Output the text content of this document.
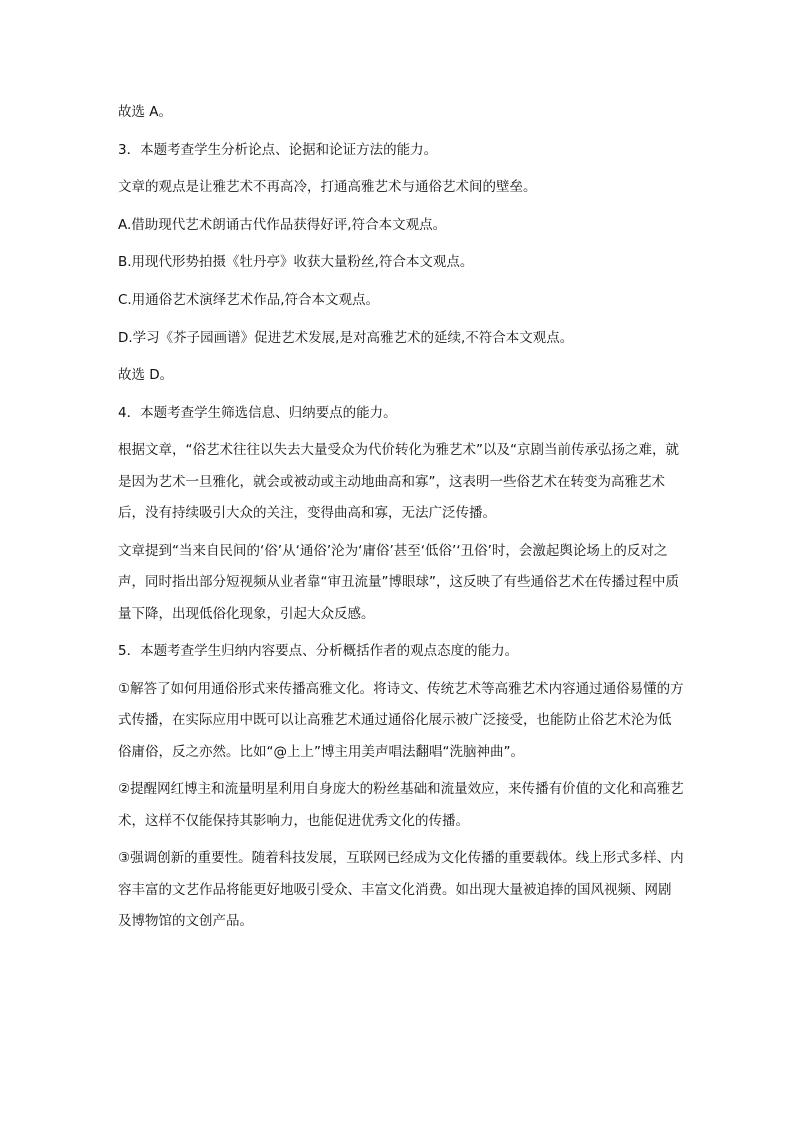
故选 A。

3．本题考查学生分析论点、论据和论证方法的能力。

文章的观点是让雅艺术不再高冷，打通高雅艺术与通俗艺术间的壁垒。

A.借助现代艺术朗诵古代作品获得好评,符合本文观点。

B.用现代形势拍摄《牡丹亭》收获大量粉丝,符合本文观点。

C.用通俗艺术演绎艺术作品,符合本文观点。

D.学习《芥子园画谱》促进艺术发展,是对高雅艺术的延续,不符合本文观点。

故选 D。

4．本题考查学生筛选信息、归纳要点的能力。

根据文章，“俗艺术往往以失去大量受众为代价转化为雅艺术”以及“京剧当前传承弘扬之难，就是因为艺术一旦雅化，就会或被动或主动地曲高和寡”，这表明一些俗艺术在转变为高雅艺术后，没有持续吸引大众的关注，变得曲高和寡，无法广泛传播。

文章提到“当来自民间的‘俗’从‘通俗’沦为‘庸俗’甚至‘低俗’‘丑俗’时，会激起舆论场上的反对之声，同时指出部分短视频从业者靠“审丑流量”博眼球”，这反映了有些通俗艺术在传播过程中质量下降，出现低俗化现象，引起大众反感。

5．本题考查学生归纳内容要点、分析概括作者的观点态度的能力。

①解答了如何用通俗形式来传播高雅文化。将诗文、传统艺术等高雅艺术内容通过通俗易懂的方式传播，在实际应用中既可以让高雅艺术通过通俗化展示被广泛接受，也能防止俗艺术沦为低俗庸俗，反之亦然。比如“@上上”博主用美声唱法翻唱“洗脑神曲”。

②提醒网红博主和流量明星利用自身庞大的粉丝基础和流量效应，来传播有价值的文化和高雅艺术，这样不仅能保持其影响力，也能促进优秀文化的传播。

③强调创新的重要性。随着科技发展，互联网已经成为文化传播的重要载体。线上形式多样、内容丰富的文艺作品将能更好地吸引受众、丰富文化消费。如出现大量被追捧的国风视频、网剧及博物馆的文创产品。
